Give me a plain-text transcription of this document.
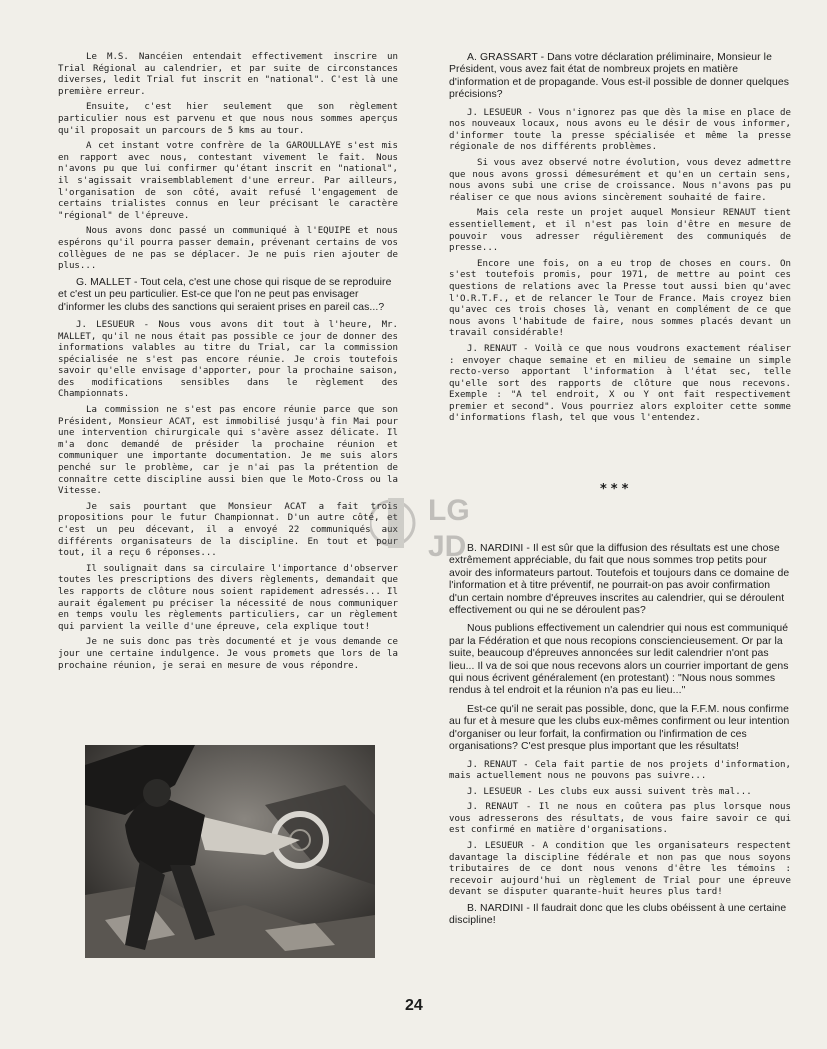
Le M.S. Nancéien entendait effectivement inscrire un Trial Régional au calendrier, et par suite de circonstances diverses, ledit Trial fut inscrit en "national". C'est là une première erreur.

Ensuite, c'est hier seulement que son règlement particulier nous est parvenu et que nous nous sommes aperçus qu'il proposait un parcours de 5 kms au tour.

A cet instant votre confrère de la GAROULLAYE s'est mis en rapport avec nous, contestant vivement le fait. Nous n'avons pu que lui confirmer qu'étant inscrit en "national", il s'agissait vraisemblablement d'une erreur. Par ailleurs, l'organisation de son côté, avait refusé l'engagement de certains trialistes connus en leur précisant le caractère "régional" de l'épreuve.

Nous avons donc passé un communiqué à l'EQUIPE et nous espérons qu'il pourra passer demain, prévenant certains de vos collègues de ne pas se déplacer. Je ne puis rien ajouter de plus...

G. MALLET - Tout cela, c'est une chose qui risque de se reproduire et c'est un peu particulier. Est-ce que l'on ne peut pas envisager d'informer les clubs des sanctions qui seraient prises en pareil cas...?

J. LESUEUR - Nous vous avons dit tout à l'heure, Mr. MALLET, qu'il ne nous était pas possible ce jour de donner des informations valables au titre du Trial, car la commission spécialisée ne s'est pas encore réunie. Je crois toutefois savoir qu'elle envisage d'apporter, pour la prochaine saison, des modifications sensibles dans le règlement des Championnats.

La commission ne s'est pas encore réunie parce que son Président, Monsieur ACAT, est immobilisé jusqu'à fin Mai pour une intervention chirurgicale qui s'avère assez délicate. Il m'a donc demandé de présider la prochaine réunion et communiquer une importante documentation. Je me suis alors penché sur le problème, car je n'ai pas la prétention de connaître cette discipline aussi bien que le Moto-Cross ou la Vitesse.

Je sais pourtant que Monsieur ACAT a fait trois propositions pour le futur Championnat. D'un autre côté, et c'est un peu décevant, il a envoyé 22 communiqués aux différents organisateurs de la discipline. En tout et pour tout, il a reçu 6 réponses...

Il soulignait dans sa circulaire l'importance d'observer toutes les prescriptions des divers règlements, demandait que les rapports de clôture nous soient rapidement adressés... Il aurait également pu préciser la nécessité de nous communiquer en temps voulu les règlements particuliers, car un règlement qui parvient la veille d'une épreuve, cela explique tout!

Je ne suis donc pas très documenté et je vous demande ce jour une certaine indulgence. Je vous promets que lors de la prochaine réunion, je serai en mesure de vous répondre.

A. GRASSART - Dans votre déclaration préliminaire, Monsieur le Président, vous avez fait état de nombreux projets en matière d'information et de propagande. Vous est-il possible de donner quelques précisions?

J. LESUEUR - Vous n'ignorez pas que dès la mise en place de nos nouveaux locaux, nous avons eu le désir de vous informer, d'informer toute la presse spécialisée et même la presse régionale de nos différents problèmes.

Si vous avez observé notre évolution, vous devez admettre que nous avons grossi démesurément et qu'en un certain sens, nous avons subi une crise de croissance. Nous n'avons pas pu réaliser ce que nous avions sincèrement souhaité de faire.

Mais cela reste un projet auquel Monsieur RENAUT tient essentiellement, et il n'est pas loin d'être en mesure de pouvoir vous adresser régulièrement des communiqués de presse...

Encore une fois, on a eu trop de choses en cours. On s'est toutefois promis, pour 1971, de mettre au point ces questions de relations avec la Presse tout aussi bien qu'avec l'O.R.T.F., et de relancer le Tour de France. Mais croyez bien qu'avec ces trois choses là, venant en complément de ce que nous avons l'habitude de faire, nous sommes placés devant un travail considérable!

J. RENAUT - Voilà ce que nous voudrons exactement réaliser : envoyer chaque semaine et en milieu de semaine un simple recto-verso apportant l'information à l'état sec, telle qu'elle sort des rapports de clôture que nous recevons. Exemple : "A tel endroit, X ou Y ont fait respectivement premier et second". Vous pourriez alors exploiter cette somme d'informations flash, tel que vous l'entendez.

***

B. NARDINI - Il est sûr que la diffusion des résultats est une chose extrêmement appréciable, du fait que nous sommes trop petits pour avoir des informateurs partout. Toutefois et toujours dans ce domaine de l'information et à titre préventif, ne pourrait-on pas avoir confirmation d'un certain nombre d'épreuves inscrites au calendrier, qui se déroulent effectivement ou qui ne se déroulent pas?

Nous publions effectivement un calendrier qui nous est communiqué par la Fédération et que nous recopions consciencieusement. Or par la suite, beaucoup d'épreuves annoncées sur ledit calendrier n'ont pas lieu... Il va de soi que nous recevons alors un courrier important de gens qui nous écrivent généralement (en protestant) : "Nous nous sommes rendus à tel endroit et la réunion n'a pas eu lieu..."

Est-ce qu'il ne serait pas possible, donc, que la F.F.M. nous confirme au fur et à mesure que les clubs eux-mêmes confirment ou leur intention d'organiser ou leur forfait, la confirmation ou l'infirmation de ces organisations? C'est presque plus important que les résultats!

J. RENAUT - Cela fait partie de nos projets d'information, mais actuellement nous ne pouvons pas suivre...

J. LESUEUR - Les clubs eux aussi suivent très mal...

J. RENAUT - Il ne nous en coûtera pas plus lorsque nous vous adresserons des résultats, de vous faire savoir ce qui est confirmé en matière d'organisations.

J. LESUEUR - A condition que les organisateurs respectent davantage la discipline fédérale et non pas que nous soyons tributaires de ce dont nous venons d'être les témoins : recevoir aujourd'hui un règlement de Trial pour une épreuve devant se disputer quarante-huit heures plus tard!

B. NARDINI - Il faudrait donc que les clubs obéissent à une certaine discipline!

LG
JD
24
